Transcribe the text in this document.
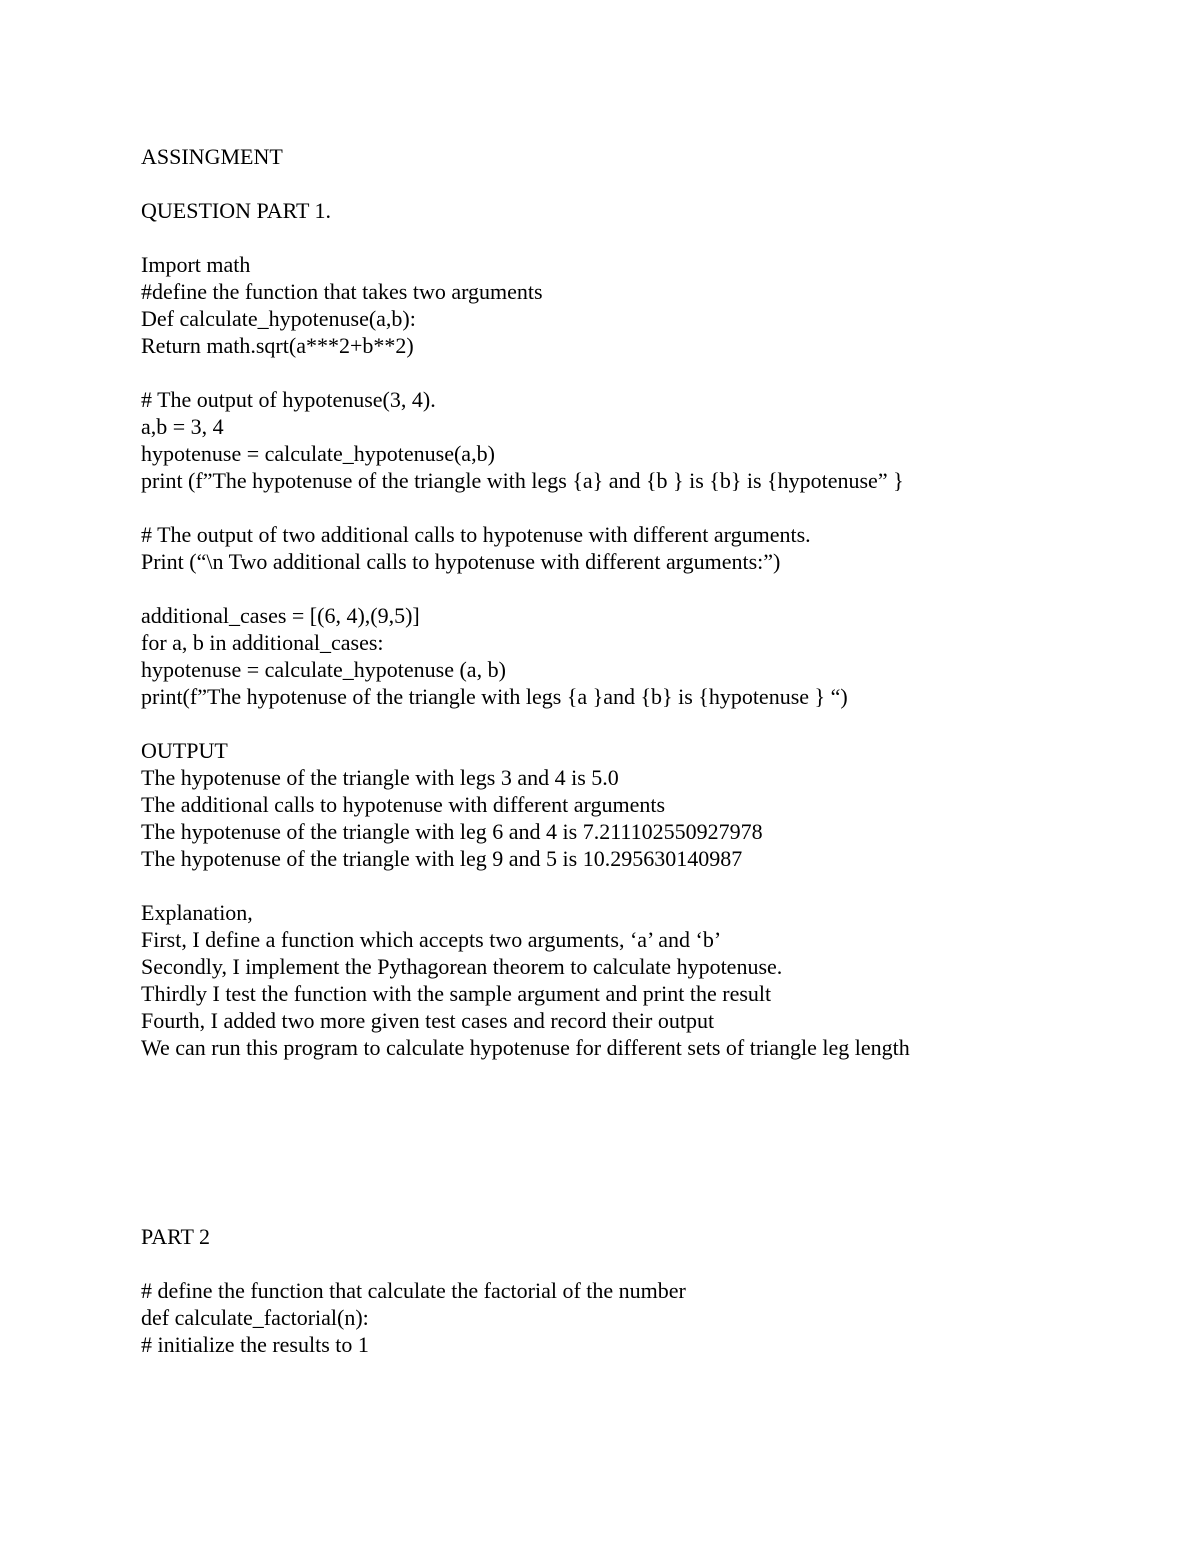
ASSINGMENT
QUESTION PART 1.
Import math
#define the function that takes two arguments
Def calculate_hypotenuse(a,b):
Return math.sqrt(a***2+b**2)
# The output of hypotenuse(3, 4).
a,b = 3, 4
hypotenuse = calculate_hypotenuse(a,b)
print (f”The hypotenuse of the triangle with legs {a} and {b } is {b} is {hypotenuse” }
# The output of two additional calls to hypotenuse with different arguments.
Print (“\n Two additional calls to hypotenuse with different arguments:”)
additional_cases = [(6, 4),(9,5)]
for a, b in additional_cases:
hypotenuse = calculate_hypotenuse (a, b)
print(f”The hypotenuse of the triangle with legs {a }and {b} is {hypotenuse } “)
OUTPUT
The hypotenuse of the triangle with legs 3 and 4 is 5.0
The additional calls to hypotenuse with different arguments
The hypotenuse of the triangle with leg 6 and 4 is 7.211102550927978
The hypotenuse of the triangle with leg 9 and 5 is 10.295630140987
Explanation,
First, I define a function which accepts two arguments, ‘a’ and ‘b’
Secondly, I implement the Pythagorean theorem to calculate hypotenuse.
Thirdly I test the function with the sample argument and print the result
Fourth, I added two more given test cases and record their output
We can run this program to calculate hypotenuse for different sets of triangle leg length
PART 2
# define the function that calculate the factorial of the number
def calculate_factorial(n):
# initialize the results to 1
